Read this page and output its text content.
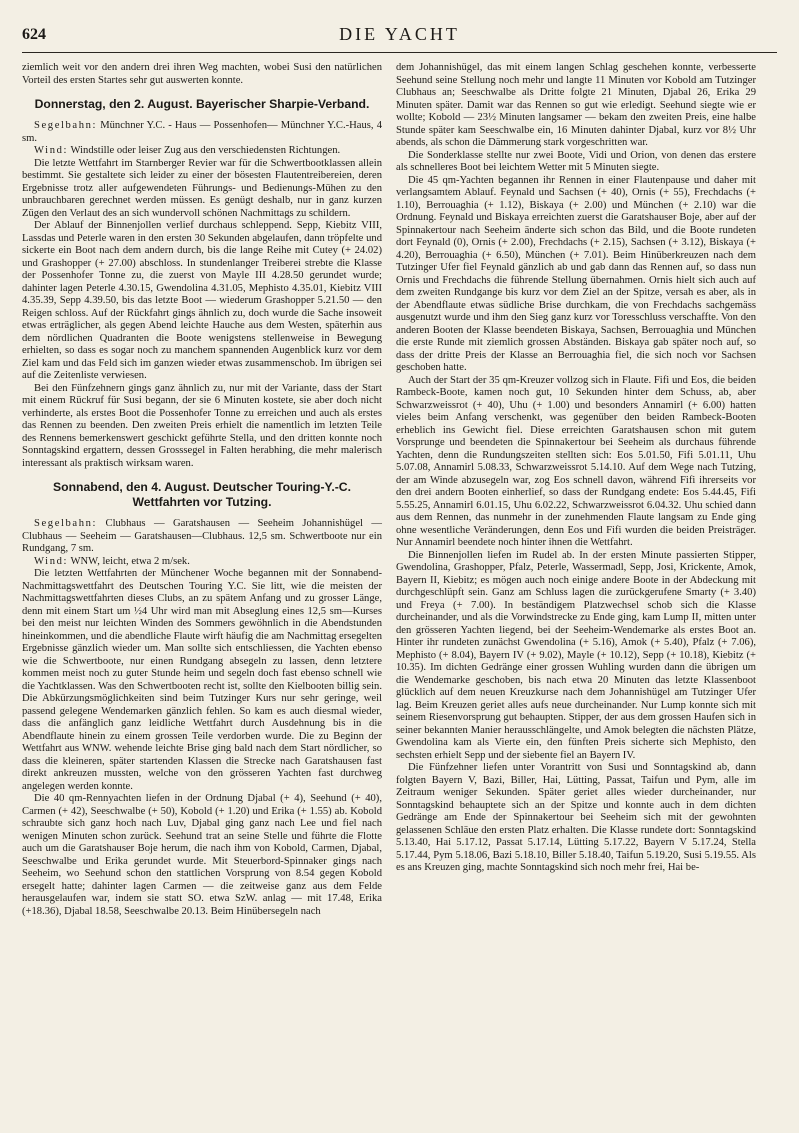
624	DIE YACHT

ziemlich weit vor den andern drei ihren Weg machten, wobei Susi den natürlichen Vorteil des ersten Startes sehr gut auswerten konnte.

Donnerstag, den 2. August. Bayerischer Sharpie-Verband.

Segelbahn: Münchner Y.C. - Haus — Possenhofen— Münchner Y.C.-Haus, 4 sm.

Wind: Windstille oder leiser Zug aus den verschiedensten Richtungen.

Die letzte Wettfahrt im Starnberger Revier war für die Schwertbootklassen allein bestimmt. Sie gestaltete sich leider zu einer der bösesten Flautentreibereien, deren Ergebnisse trotz aller aufgewendeten Führungs- und Bedienungs-Mühen zu den unbrauchbaren gerechnet werden müssen. Es genügt deshalb, nur in ganz kurzen Zügen den Verlaut des an sich wundervoll schönen Nachmittags zu schildern.

Der Ablauf der Binnenjollen verlief durchaus schleppend. Sepp, Kiebitz VIII, Lassdas und Peterle waren in den ersten 30 Sekunden abgelaufen, dann tröpfelte und sickerte ein Boot nach dem andern durch, bis die lange Reihe mit Cutey (+ 24.02) und Grashopper (+ 27.00) abschloss. In stundenlanger Treiberei strebte die Klasse der Possenhofer Tonne zu, die zuerst von Mayle III 4.28.50 gerundet wurde; dahinter lagen Peterle 4.30.15, Gwendolina 4.31.05, Mephisto 4.35.01, Kiebitz VIII 4.35.39, Sepp 4.39.50, bis das letzte Boot — wiederum Grashopper 5.21.50 — den Reigen schloss. Auf der Rückfahrt gings ähnlich zu, doch wurde die Sache insoweit etwas erträglicher, als gegen Abend leichte Hauche aus dem Westen, späterhin aus dem nördlichen Quadranten die Boote wenigstens stellenweise in Bewegung erhielten, so dass es sogar noch zu manchem spannenden Augenblick kurz vor dem Ziel kam und das Feld sich im ganzen wieder etwas zusammenschob. Im übrigen sei auf die Zeitenliste verwiesen.

Bei den Fünfzehnern gings ganz ähnlich zu, nur mit der Variante, dass der Start mit einem Rückruf für Susi begann, der sie 6 Minuten kostete, sie aber doch nicht verhinderte, als erstes Boot die Possenhofer Tonne zu erreichen und auch als erstes das Rennen zu beenden. Den zweiten Preis erhielt die namentlich im letzten Teile des Rennens bemerkenswert geschickt geführte Stella, und den dritten konnte noch Sonntagskind ergattern, dessen Grosssegel in Falten herabhing, die mehr malerisch interessant als praktisch wirksam waren.

Sonnabend, den 4. August. Deutscher Touring-Y.-C.
Wettfahrten vor Tutzing.

Segelbahn: Clubhaus — Garatshausen — Seeheim Johannishügel — Clubhaus — Seeheim — Garatshausen—Clubhaus. 12,5 sm. Schwertboote nur ein Rundgang, 7 sm.

Wind: WNW, leicht, etwa 2 m/sek.

Die letzten Wettfahrten der Münchener Woche begannen mit der Sonnabend-Nachmittagswettfahrt des Deutschen Touring Y.C. Sie litt, wie die meisten der Nachmittagswettfahrten dieses Clubs, an zu spätem Anfang und zu grosser Länge, denn mit einem Start um ½4 Uhr wird man mit Abseglung eines 12,5 sm—Kurses bei den meist nur leichten Winden des Sommers gewöhnlich in die Abendstunden hineinkommen, und die abendliche Flaute wirft häufig die am Nachmittag ersegelten Ergebnisse gänzlich wieder um. Man sollte sich entschliessen, die Yachten ebenso wie die Schwertboote, nur einen Rundgang absegeln zu lassen, denn letztere kommen meist noch zu guter Stunde heim und segeln doch fast ebenso schnell wie die Yachtklassen. Was den Schwertbooten recht ist, sollte den Kielbooten billig sein. Die Abkürzungsmöglichkeiten sind beim Tutzinger Kurs nur sehr geringe, weil passend gelegene Wendemarken gänzlich fehlen. So kam es auch diesmal wieder, dass die anfänglich ganz leidliche Wettfahrt durch Ausdehnung bis in die Abendflaute hinein zu einem grossen Teile verdorben wurde. Die zu Beginn der Wettfahrt aus WNW. wehende leichte Brise ging bald nach dem Start nördlicher, so dass die kleineren, später startenden Klassen die Strecke nach Garatshausen fast direkt ankreuzen mussten, welche von den grösseren Yachten fast durchweg angelegen werden konnte.

Die 40 qm-Rennyachten liefen in der Ordnung Djabal (+ 4), Seehund (+ 40), Carmen (+ 42), Seeschwalbe (+ 50), Kobold (+ 1.20) und Erika (+ 1.55) ab. Kobold schraubte sich ganz hoch nach Luv, Djabal ging ganz nach Lee und fiel nach wenigen Minuten schon zurück. Seehund trat an seine Stelle und führte die Flotte auch um die Garatshauser Boje herum, die nach ihm von Kobold, Carmen, Djabal, Seeschwalbe und Erika gerundet wurde. Mit Steuerbord-Spinnaker gings nach Seeheim, wo Seehund schon den stattlichen Vorsprung von 8.54 gegen Kobold ersegelt hatte; dahinter lagen Carmen — die zeitweise ganz aus dem Felde herausgelaufen war, indem sie statt SO. etwa SzW. anlag — mit 17.48, Erika (+18.36), Djabal 18.58, Seeschwalbe 20.13. Beim Hinübersegeln nach

dem Johannishügel, das mit einem langen Schlag geschehen konnte, verbesserte Seehund seine Stellung noch mehr und langte 11 Minuten vor Kobold am Tutzinger Clubhaus an; Seeschwalbe als Dritte folgte 21 Minuten, Djabal 26, Erika 29 Minuten später. Damit war das Rennen so gut wie erledigt. Seehund siegte wie er wollte; Kobold — 23½ Minuten langsamer — bekam den zweiten Preis, eine halbe Stunde später kam Seeschwalbe ein, 16 Minuten dahinter Djabal, kurz vor 8½ Uhr abends, als schon die Dämmerung stark vorgeschritten war.

Die Sonderklasse stellte nur zwei Boote, Vidi und Orion, von denen das erstere als schnelleres Boot bei leichtem Wetter mit 5 Minuten siegte.

Die 45 qm-Yachten begannen ihr Rennen in einer Flautenpause und daher mit verlangsamtem Ablauf. Feynald und Sachsen (+ 40), Ornis (+ 55), Frechdachs (+ 1.10), Berrouaghia (+ 1.12), Biskaya (+ 2.00) und München (+ 2.10) war die Ordnung. Feynald und Biskaya erreichten zuerst die Garatshauser Boje, aber auf der Spinnakertour nach Seeheim änderte sich schon das Bild, und die Boote rundeten dort Feynald (0), Ornis (+ 2.00), Frechdachs (+ 2.15), Sachsen (+ 3.12), Biskaya (+ 4.20), Berrouaghia (+ 6.50), München (+ 7.01). Beim Hinüberkreuzen nach dem Tutzinger Ufer fiel Feynald gänzlich ab und gab dann das Rennen auf, so dass nun Ornis und Frechdachs die führende Stellung übernahmen. Ornis hielt sich auch auf dem zweiten Rundgange bis kurz vor dem Ziel an der Spitze, versah es aber, als in der Abendflaute etwas südliche Brise durchkam, die von Frechdachs sachgemäss ausgenutzt wurde und ihm den Sieg ganz kurz vor Toresschluss verschaffte. Von den anderen Booten der Klasse beendeten Biskaya, Sachsen, Berrouaghia und München die erste Runde mit ziemlich grossen Abständen. Biskaya gab später noch auf, so dass der dritte Preis der Klasse an Berrouaghia fiel, die sich noch vor Sachsen geschoben hatte.

Auch der Start der 35 qm-Kreuzer vollzog sich in Flaute. Fifi und Eos, die beiden Rambeck-Boote, kamen noch gut, 10 Sekunden hinter dem Schuss, ab, aber Schwarzweissrot (+ 40), Uhu (+ 1.00) und besonders Annamirl (+ 6.00) hatten vieles beim Anfang verschenkt, was gegenüber den beiden Rambeck-Booten erheblich ins Gewicht fiel. Diese erreichten Garatshausen schon mit gutem Vorsprunge und beendeten die Spinnakertour bei Seeheim als durchaus führende Yachten, denn die Rundungszeiten stellten sich: Eos 5.01.50, Fifi 5.01.11, Uhu 5.07.08, Annamirl 5.08.33, Schwarzweissrot 5.14.10. Auf dem Wege nach Tutzing, der am Winde abzusegeln war, zog Eos schnell davon, während Fifi ihrerseits vor den drei andern Booten einherlief, so dass der Rundgang endete: Eos 5.44.45, Fifi 5.55.25, Annamirl 6.01.15, Uhu 6.02.22, Schwarzweissrot 6.04.32. Uhu schied dann aus dem Rennen, das nunmehr in der zunehmenden Flaute langsam zu Ende ging ohne wesentliche Veränderungen, denn Eos und Fifi wurden die beiden Preisträger. Nur Annamirl beendete noch hinter ihnen die Wettfahrt.

Die Binnenjollen liefen im Rudel ab. In der ersten Minute passierten Stipper, Gwendolina, Grashopper, Pfalz, Peterle, Wassermadl, Sepp, Josi, Krickente, Amok, Bayern II, Kiebitz; es mögen auch noch einige andere Boote in der Abdeckung mit durchgeschlüpft sein. Ganz am Schluss lagen die zurückgerufene Smarty (+ 3.40) und Freya (+ 7.00). In beständigem Platzwechsel schob sich die Klasse durcheinander, und als die Vorwindstrecke zu Ende ging, kam Lump II, mitten unter den grösseren Yachten liegend, bei der Seeheim-Wendemarke als erstes Boot an. Hinter ihr rundeten zunächst Gwendolina (+ 5.16), Amok (+ 5.40), Pfalz (+ 7.06), Mephisto (+ 8.04), Bayern IV (+ 9.02), Mayle (+ 10.12), Sepp (+ 10.18), Kiebitz (+ 10.35). Im dichten Gedränge einer grossen Wuhling wurden dann die übrigen um die Wendemarke geschoben, bis nach etwa 20 Minuten das letzte Klassenboot glücklich auf dem neuen Kreuzkurse nach dem Johannishügel am Tutzinger Ufer lag. Beim Kreuzen geriet alles aufs neue durcheinander. Nur Lump konnte sich mit seinem Riesenvorsprung gut behaupten. Stipper, der aus dem grossen Haufen sich in seiner bekannten Manier herausschlängelte, und Amok belegten die nächsten Plätze, Gwendolina kam als Vierte ein, den fünften Preis sicherte sich Mephisto, den sechsten erhielt Sepp und der siebente fiel an Bayern IV.

Die Fünfzehner liefen unter Vorantritt von Susi und Sonntagskind ab, dann folgten Bayern V, Bazi, Biller, Hai, Lütting, Passat, Taifun und Pym, alle im Zeitraum weniger Sekunden. Später geriet alles wieder durcheinander, nur Sonntagskind behauptete sich an der Spitze und konnte auch in dem dichten Gedränge am Ende der Spinnakertour bei Seeheim sich mit der gewohnten gelassenen Schläue den ersten Platz erhalten. Die Klasse rundete dort: Sonntagskind 5.13.40, Hai 5.17.12, Passat 5.17.14, Lütting 5.17.22, Bayern V 5.17.24, Stella 5.17.44, Pym 5.18.06, Bazi 5.18.10, Biller 5.18.40, Taifun 5.19.20, Susi 5.19.55. Als es ans Kreuzen ging, machte Sonntagskind sich noch mehr frei, Hai be-
